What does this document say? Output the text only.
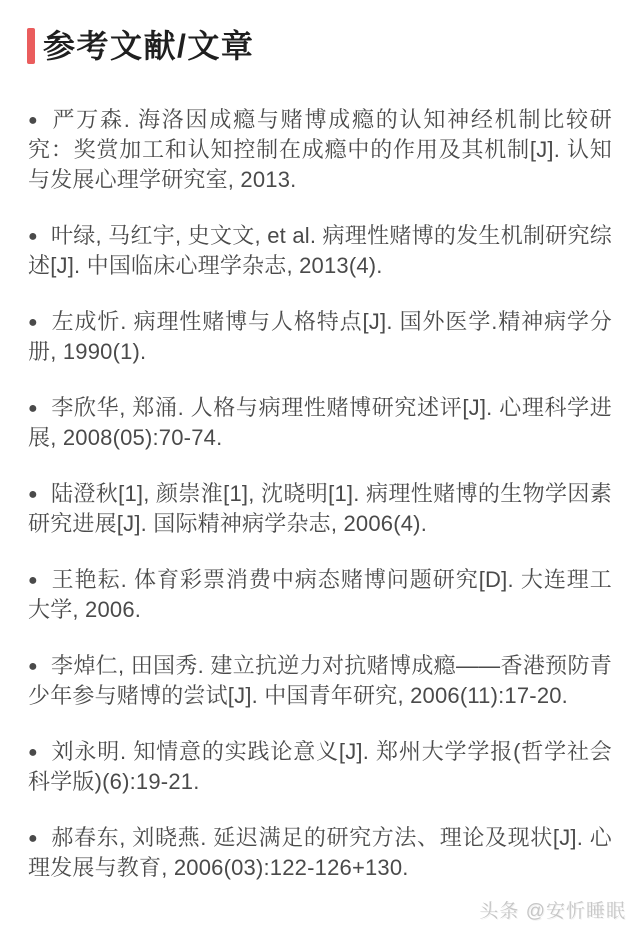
参考文献/文章

● 严万森. 海洛因成瘾与赌博成瘾的认知神经机制比较研究：奖赏加工和认知控制在成瘾中的作用及其机制[J]. 认知与发展心理学研究室, 2013.

● 叶绿, 马红宇, 史文文, et al. 病理性赌博的发生机制研究综述[J]. 中国临床心理学杂志, 2013(4).

● 左成忻. 病理性赌博与人格特点[J]. 国外医学.精神病学分册, 1990(1).

● 李欣华, 郑涌. 人格与病理性赌博研究述评[J]. 心理科学进展, 2008(05):70-74.

● 陆澄秋[1], 颜崇淮[1], 沈晓明[1]. 病理性赌博的生物学因素研究进展[J]. 国际精神病学杂志, 2006(4).

● 王艳耘. 体育彩票消费中病态赌博问题研究[D]. 大连理工大学, 2006.

● 李焯仁, 田国秀. 建立抗逆力对抗赌博成瘾——香港预防青少年参与赌博的尝试[J]. 中国青年研究, 2006(11):17-20.

● 刘永明. 知情意的实践论意义[J]. 郑州大学学报(哲学社会科学版)(6):19-21.

● 郝春东, 刘晓燕. 延迟满足的研究方法、理论及现状[J]. 心理发展与教育, 2006(03):122-126+130.

头条 @安忻睡眠
